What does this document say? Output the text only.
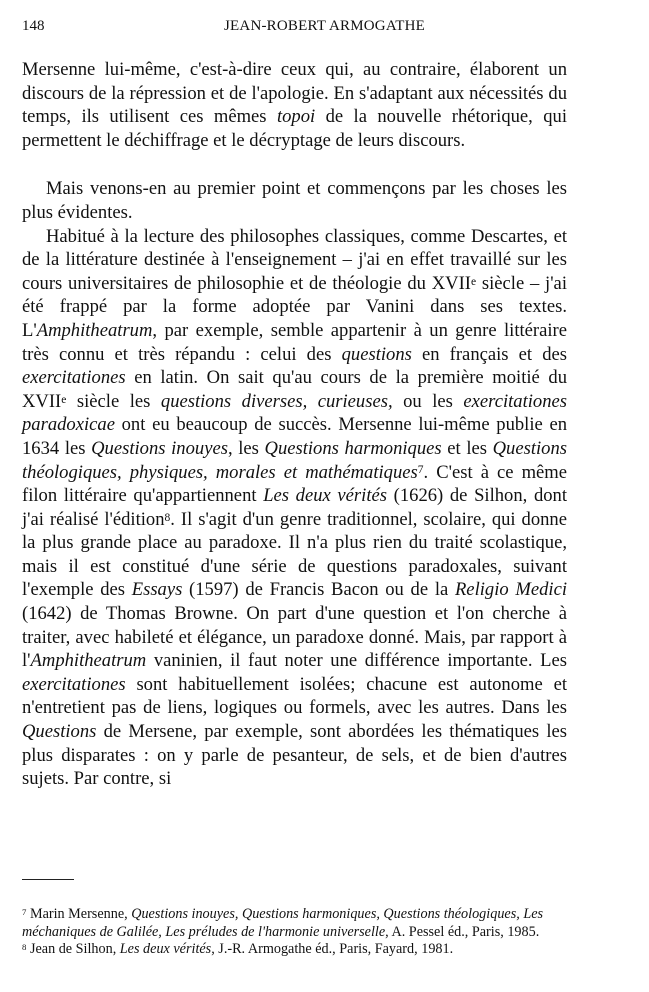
148	JEAN-ROBERT ARMOGATHE

Mersenne lui-même, c'est-à-dire ceux qui, au contraire, élaborent un discours de la répression et de l'apologie. En s'adaptant aux nécessités du temps, ils utilisent ces mêmes topoi de la nouvelle rhétorique, qui permettent le déchiffrage et le décryptage de leurs discours.

Mais venons-en au premier point et commençons par les choses les plus évidentes.

Habitué à la lecture des philosophes classiques, comme Descartes, et de la littérature destinée à l'enseignement – j'ai en effet travaillé sur les cours universitaires de philosophie et de théologie du XVIIe siècle – j'ai été frappé par la forme adoptée par Vanini dans ses textes. L'Amphitheatrum, par exemple, semble appartenir à un genre littéraire très connu et très répandu : celui des questions en français et des exercitationes en latin. On sait qu'au cours de la première moitié du XVIIe siècle les questions diverses, curieuses, ou les exercitationes paradoxicae ont eu beaucoup de succès. Mersenne lui-même publie en 1634 les Questions inouyes, les Questions harmoniques et les Questions théologiques, physiques, morales et mathématiques$^7$. C'est à ce même filon littéraire qu'appartiennent Les deux vérités (1626) de Silhon, dont j'ai réalisé l'édition$^8$. Il s'agit d'un genre traditionnel, scolaire, qui donne la plus grande place au paradoxe. Il n'a plus rien du traité scolastique, mais il est constitué d'une série de questions paradoxales, suivant l'exemple des Essays (1597) de Francis Bacon ou de la Religio Medici (1642) de Thomas Browne. On part d'une question et l'on cherche à traiter, avec habileté et élégance, un paradoxe donné. Mais, par rapport à l'Amphitheatrum vaninien, il faut noter une différence importante. Les exercitationes sont habituellement isolées; chacune est autonome et n'entretient pas de liens, logiques ou formels, avec les autres. Dans les Questions de Mersene, par exemple, sont abordées les thématiques les plus disparates : on y parle de pesanteur, de sels, et de bien d'autres sujets. Par contre, si

$^7$ Marin Mersenne, Questions inouyes, Questions harmoniques, Questions théologiques, Les méchaniques de Galilée, Les préludes de l'harmonie universelle, A. Pessel éd., Paris, 1985.

$^8$ Jean de Silhon, Les deux vérités, J.-R. Armogathe éd., Paris, Fayard, 1981.
